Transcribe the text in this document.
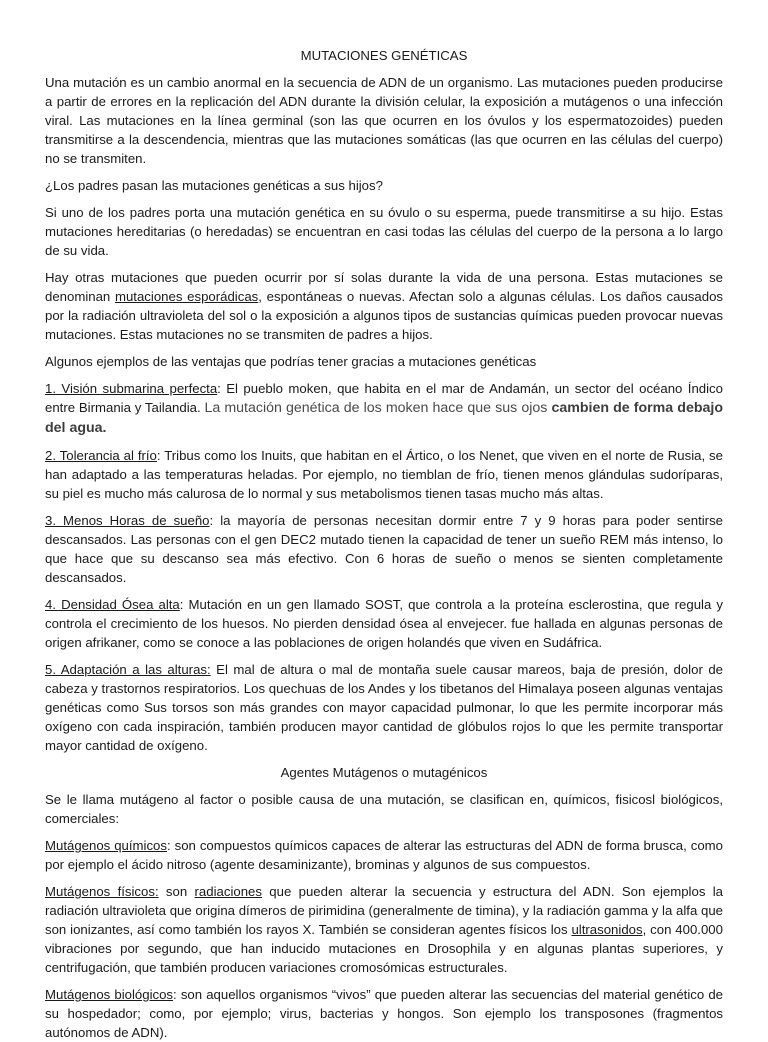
MUTACIONES GENÉTICAS

Una mutación es un cambio anormal en la secuencia de ADN de un organismo. Las mutaciones pueden producirse a partir de errores en la replicación del ADN durante la división celular, la exposición a mutágenos o una infección viral. Las mutaciones en la línea germinal (son las que ocurren en los óvulos y los espermatozoides) pueden transmitirse a la descendencia, mientras que las mutaciones somáticas (las que ocurren en las células del cuerpo) no se transmiten.

¿Los padres pasan las mutaciones genéticas a sus hijos?

Si uno de los padres porta una mutación genética en su óvulo o su esperma, puede transmitirse a su hijo. Estas mutaciones hereditarias (o heredadas) se encuentran en casi todas las células del cuerpo de la persona a lo largo de su vida.

Hay otras mutaciones que pueden ocurrir por sí solas durante la vida de una persona. Estas mutaciones se denominan mutaciones esporádicas, espontáneas o nuevas. Afectan solo a algunas células. Los daños causados por la radiación ultravioleta del sol o la exposición a algunos tipos de sustancias químicas pueden provocar nuevas mutaciones. Estas mutaciones no se transmiten de padres a hijos.

Algunos ejemplos de las ventajas que podrías tener gracias a mutaciones genéticas

1. Visión submarina perfecta: El pueblo moken, que habita en el mar de Andamán, un sector del océano Índico entre Birmania y Tailandia. La mutación genética de los moken hace que sus ojos cambien de forma debajo del agua.

2. Tolerancia al frío: Tribus como los Inuits, que habitan en el Ártico, o los Nenet, que viven en el norte de Rusia, se han adaptado a las temperaturas heladas. Por ejemplo, no tiemblan de frío, tienen menos glándulas sudoríparas, su piel es mucho más calurosa de lo normal y sus metabolismos tienen tasas mucho más altas.

3. Menos Horas de sueño: la mayoría de personas necesitan dormir entre 7 y 9 horas para poder sentirse descansados. Las personas con el gen DEC2 mutado tienen la capacidad de tener un sueño REM más intenso, lo que hace que su descanso sea más efectivo. Con 6 horas de sueño o menos se sienten completamente descansados.

4. Densidad Ósea alta: Mutación en un gen llamado SOST, que controla a la proteína esclerostina, que regula y controla el crecimiento de los huesos. No pierden densidad ósea al envejecer. fue hallada en algunas personas de origen afrikaner, como se conoce a las poblaciones de origen holandés que viven en Sudáfrica.

5. Adaptación a las alturas: El mal de altura o mal de montaña suele causar mareos, baja de presión, dolor de cabeza y trastornos respiratorios. Los quechuas de los Andes y los tibetanos del Himalaya poseen algunas ventajas genéticas como Sus torsos son más grandes con mayor capacidad pulmonar, lo que les permite incorporar más oxígeno con cada inspiración, también producen mayor cantidad de glóbulos rojos lo que les permite transportar mayor cantidad de oxígeno.

Agentes Mutágenos o mutagénicos

Se le llama mutágeno al factor o posible causa de una mutación, se clasifican en, químicos, fisicosl biológicos, comerciales:

Mutágenos químicos: son compuestos químicos capaces de alterar las estructuras del ADN de forma brusca, como por ejemplo el ácido nitroso (agente desaminizante), brominas y algunos de sus compuestos.

Mutágenos físicos: son radiaciones que pueden alterar la secuencia y estructura del ADN. Son ejemplos la radiación ultravioleta que origina dímeros de pirimidina (generalmente de timina), y la radiación gamma y la alfa que son ionizantes, así como también los rayos X. También se consideran agentes físicos los ultrasonidos, con 400.000 vibraciones por segundo, que han inducido mutaciones en Drosophila y en algunas plantas superiores, y centrifugación, que también producen variaciones cromosómicas estructurales.

Mutágenos biológicos: son aquellos organismos “vivos” que pueden alterar las secuencias del material genético de su hospedador; como, por ejemplo; virus, bacterias y hongos. Son ejemplo los transposones (fragmentos autónomos de ADN).
